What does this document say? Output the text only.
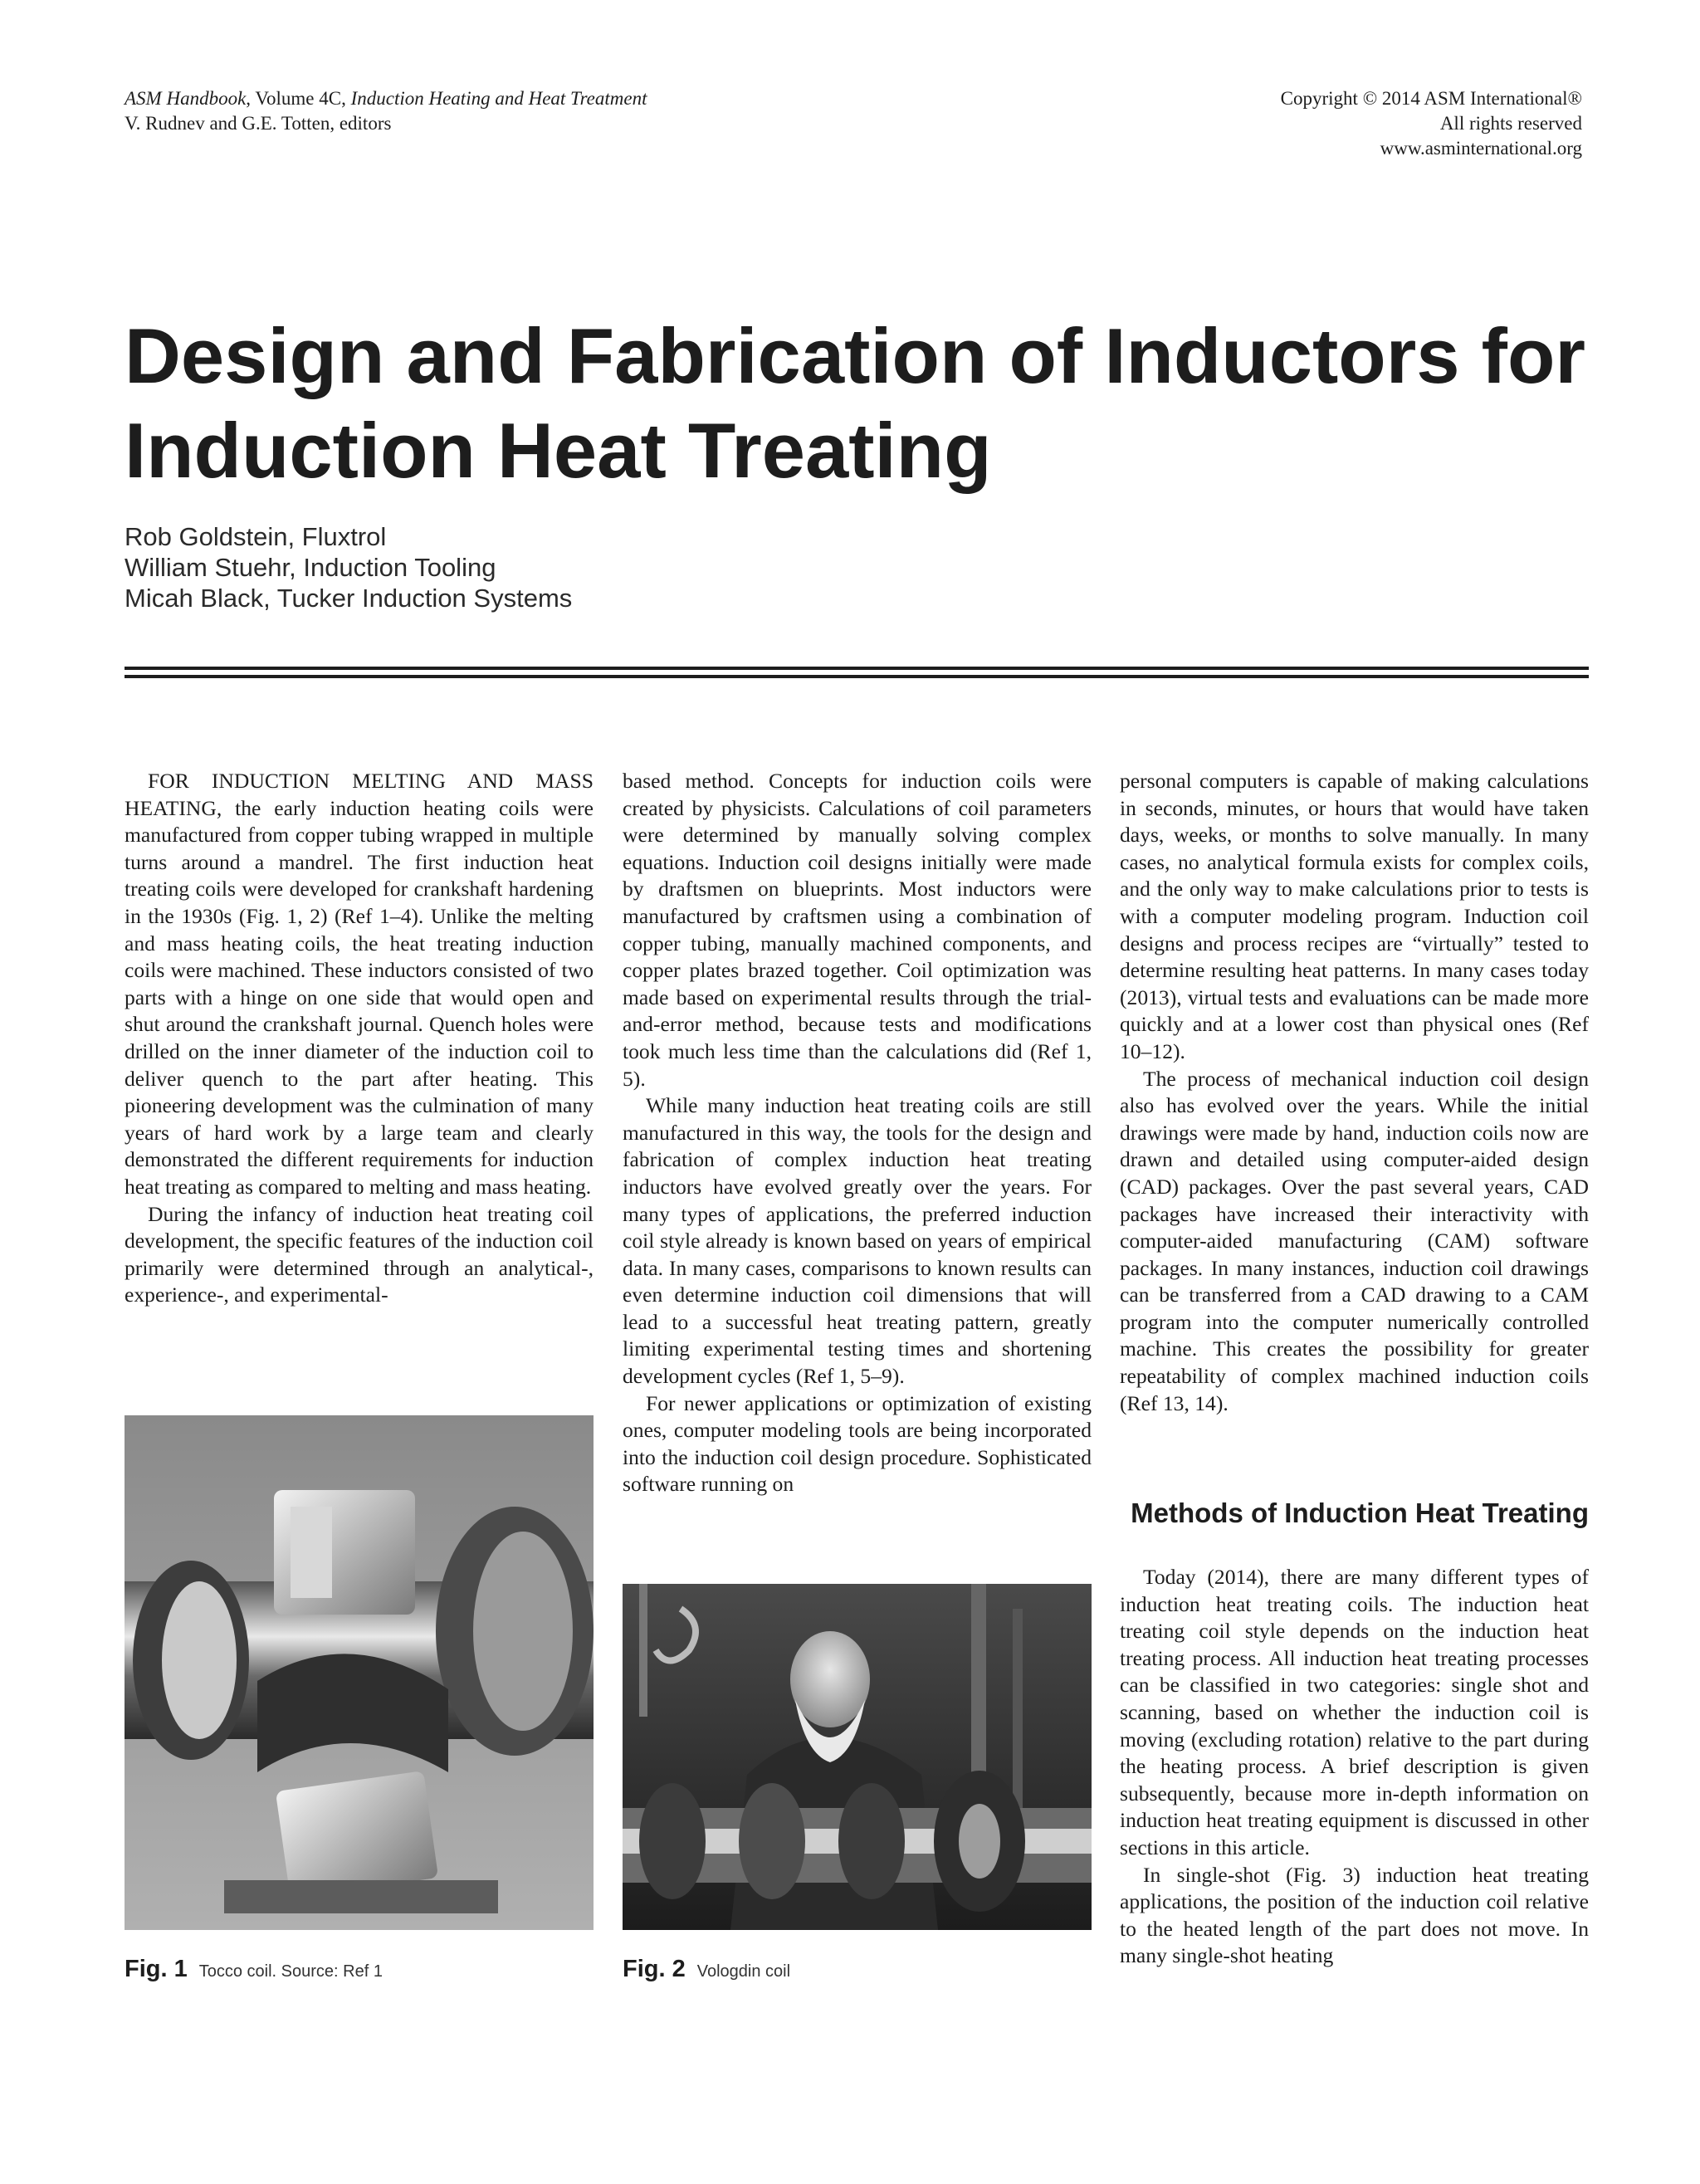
ASM Handbook, Volume 4C, Induction Heating and Heat Treatment
V. Rudnev and G.E. Totten, editors
Copyright © 2014 ASM International®
All rights reserved
www.asminternational.org
Design and Fabrication of Inductors for
Induction Heat Treating
Rob Goldstein, Fluxtrol
William Stuehr, Induction Tooling
Micah Black, Tucker Induction Systems

FOR INDUCTION MELTING AND MASS HEATING, the early induction heating coils were manufactured from copper tubing wrapped in multiple turns around a mandrel. The first induction heat treating coils were developed for crankshaft hardening in the 1930s (Fig. 1, 2) (Ref 1–4). Unlike the melting and mass heating coils, the heat treating induction coils were machined. These inductors consisted of two parts with a hinge on one side that would open and shut around the crankshaft journal. Quench holes were drilled on the inner diameter of the induction coil to deliver quench to the part after heating. This pioneering development was the culmination of many years of hard work by a large team and clearly demonstrated the different requirements for induction heat treating as compared to melting and mass heating.

During the infancy of induction heat treating coil development, the specific features of the induction coil primarily were determined through an analytical-, experience-, and experimental-

based method. Concepts for induction coils were created by physicists. Calculations of coil parameters were determined by manually solving complex equations. Induction coil designs initially were made by draftsmen on blueprints. Most inductors were manufactured by craftsmen using a combination of copper tubing, manually machined components, and copper plates brazed together. Coil optimization was made based on experimental results through the trial-and-error method, because tests and modifications took much less time than the calculations did (Ref 1, 5).

While many induction heat treating coils are still manufactured in this way, the tools for the design and fabrication of complex induction heat treating inductors have evolved greatly over the years. For many types of applications, the preferred induction coil style already is known based on years of empirical data. In many cases, comparisons to known results can even determine induction coil dimensions that will lead to a successful heat treating pattern, greatly limiting experimental testing times and shortening development cycles (Ref 1, 5–9).

For newer applications or optimization of existing ones, computer modeling tools are being incorporated into the induction coil design procedure. Sophisticated software running on

personal computers is capable of making calculations in seconds, minutes, or hours that would have taken days, weeks, or months to solve manually. In many cases, no analytical formula exists for complex coils, and the only way to make calculations prior to tests is with a computer modeling program. Induction coil designs and process recipes are “virtually” tested to determine resulting heat patterns. In many cases today (2013), virtual tests and evaluations can be made more quickly and at a lower cost than physical ones (Ref 10–12).

The process of mechanical induction coil design also has evolved over the years. While the initial drawings were made by hand, induction coils now are drawn and detailed using computer-aided design (CAD) packages. Over the past several years, CAD packages have increased their interactivity with computer-aided manufacturing (CAM) software packages. In many instances, induction coil drawings can be transferred from a CAD drawing to a CAM program into the computer numerically controlled machine. This creates the possibility for greater repeatability of complex machined induction coils (Ref 13, 14).

Methods of Induction Heat Treating

Today (2014), there are many different types of induction heat treating coils. The induction heat treating coil style depends on the induction heat treating process. All induction heat treating processes can be classified in two categories: single shot and scanning, based on whether the induction coil is moving (excluding rotation) relative to the part during the heating process. A brief description is given subsequently, because more in-depth information on induction heat treating equipment is discussed in other sections in this article.

In single-shot (Fig. 3) induction heat treating applications, the position of the induction coil relative to the heated length of the part does not move. In many single-shot heating

Fig. 1 Tocco coil. Source: Ref 1	Fig. 2 Vologdin coil
